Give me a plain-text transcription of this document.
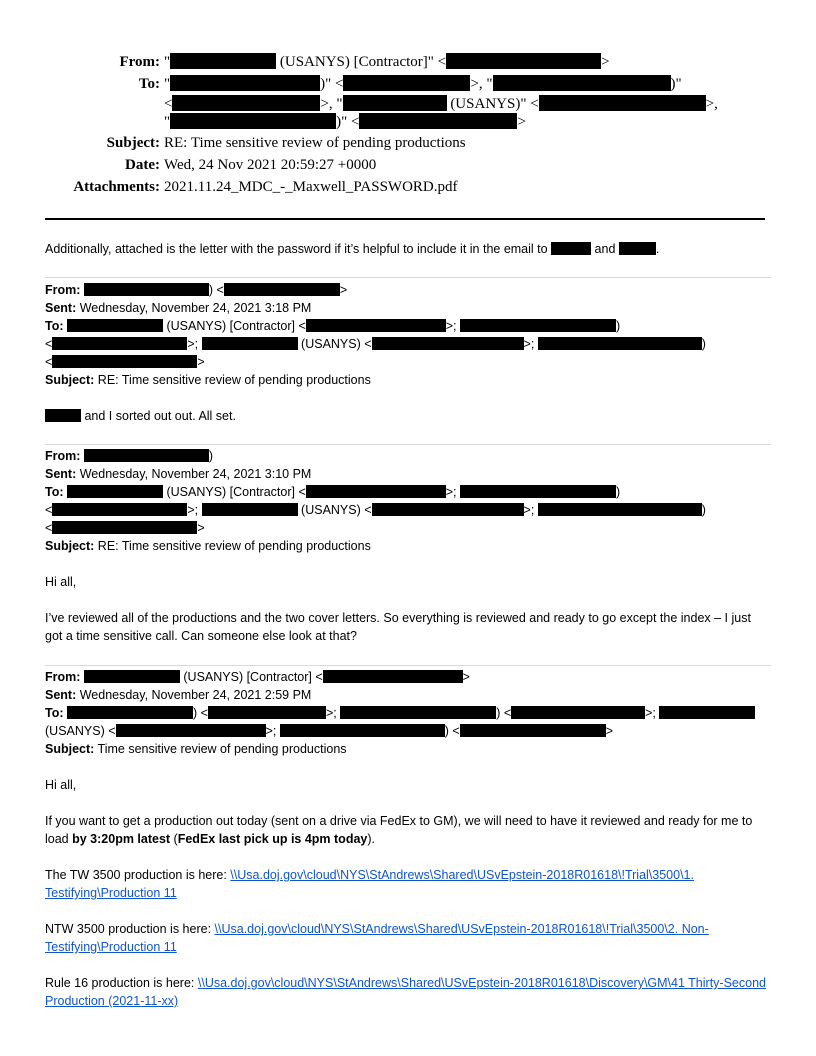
From: "	(USANYS) [Contractor]" <	>
To: "	)" <	>, "	)"
<	>, "	(USANYS)" <	>,
"	)" <	>
Subject: RE: Time sensitive review of pending productions
Date: Wed, 24 Nov 2021 20:59:27 +0000
Attachments: 2021.11.24_MDC_-_Maxwell_PASSWORD.pdf

Additionally, attached is the letter with the password if it’s helpful to include it in the email to	and	.

From:	) <	>

Sent: Wednesday, November 24, 2021 3:18 PM

To:	(USANYS) [Contractor] <	>;	)

<	>;	(USANYS) <	>;	)

<	>

Subject: RE: Time sensitive review of pending productions

and I sorted out out. All set.

From:	)

Sent: Wednesday, November 24, 2021 3:10 PM

To:	(USANYS) [Contractor] <	>;	)

<	>;	(USANYS) <	>;	)

<	>

Subject: RE: Time sensitive review of pending productions

Hi all,

I’ve reviewed all of the productions and the two cover letters. So everything is reviewed and ready to go except the index – I just got a time sensitive call. Can someone else look at that?

From:	(USANYS) [Contractor] <	>

Sent: Wednesday, November 24, 2021 2:59 PM

To:	) <	>;	) <	>;

(USANYS) <	>;	) <	>

Subject: Time sensitive review of pending productions

Hi all,

If you want to get a production out today (sent on a drive via FedEx to GM), we will need to have it reviewed and ready for me to load by 3:20pm latest (FedEx last pick up is 4pm today).

The TW 3500 production is here: \\Usa.doj.gov\cloud\NYS\StAndrews\Shared\USvEpstein-2018R01618\!Trial\3500\1. Testifying\Production 11

NTW 3500 production is here: \\Usa.doj.gov\cloud\NYS\StAndrews\Shared\USvEpstein-2018R01618\!Trial\3500\2. Non-Testifying\Production 11

Rule 16 production is here: \\Usa.doj.gov\cloud\NYS\StAndrews\Shared\USvEpstein-2018R01618\Discovery\GM\41 Thirty-Second Production (2021-11-xx)
